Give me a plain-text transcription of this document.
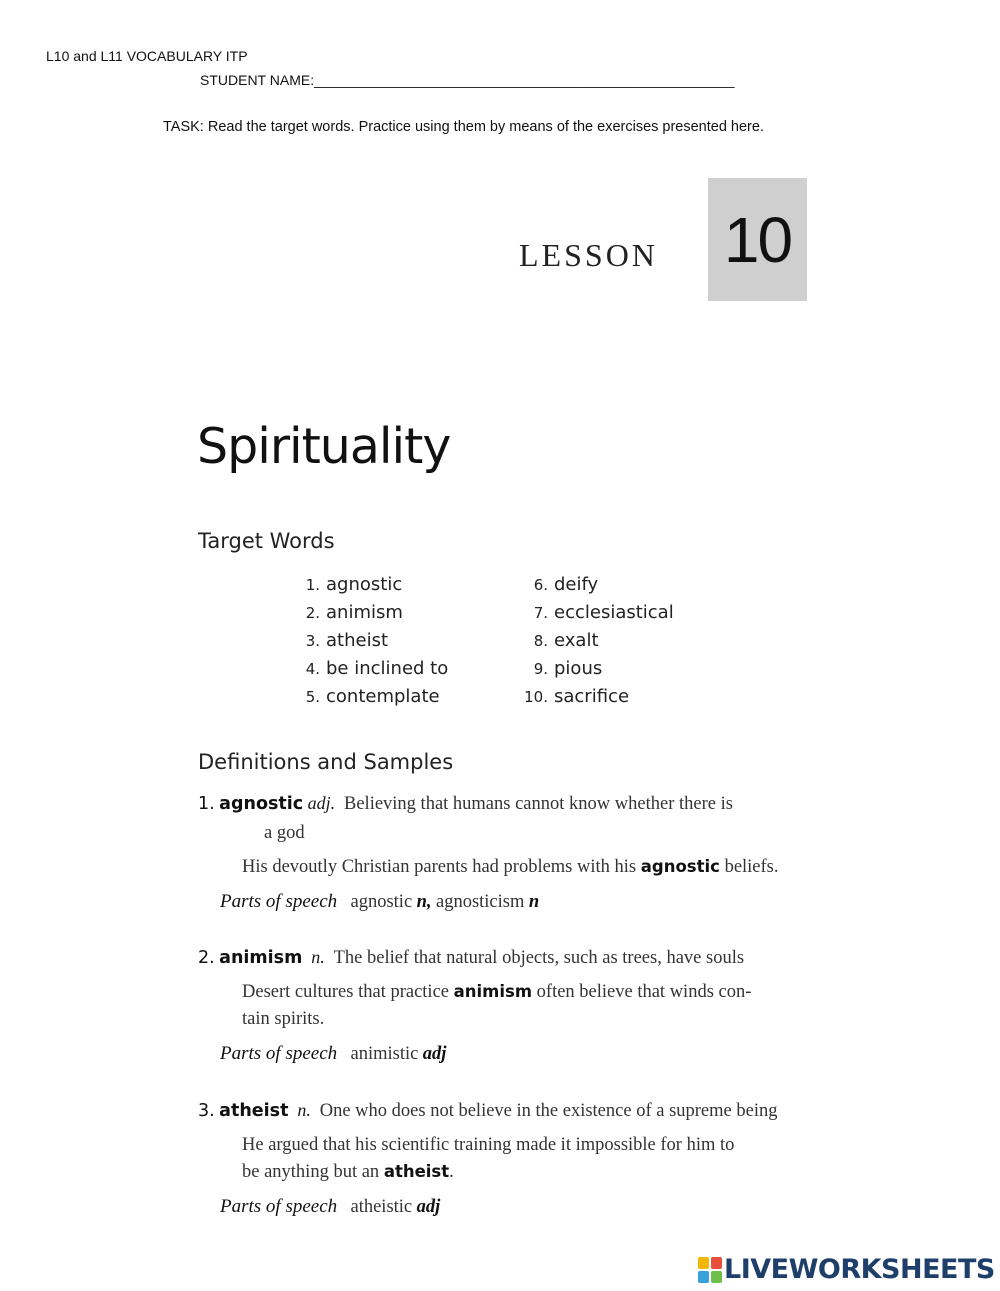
L10 and L11 VOCABULARY ITP
STUDENT NAME:______________________________________________________
TASK: Read the target words. Practice using them by means of the exercises presented here.
LESSON 10
Spirituality
Target Words
1. agnostic
2. animism
3. atheist
4. be inclined to
5. contemplate
6. deify
7. ecclesiastical
8. exalt
9. pious
10. sacrifice
Definitions and Samples
1. agnostic adj. Believing that humans cannot know whether there is
a god
His devoutly Christian parents had problems with his agnostic beliefs.
Parts of speech agnostic n, agnosticism n
2. animism n. The belief that natural objects, such as trees, have souls
Desert cultures that practice animism often believe that winds con-
tain spirits.
Parts of speech animistic adj
3. atheist n. One who does not believe in the existence of a supreme being
He argued that his scientific training made it impossible for him to
be anything but an atheist.
Parts of speech atheistic adj
LIVEWORKSHEETS
